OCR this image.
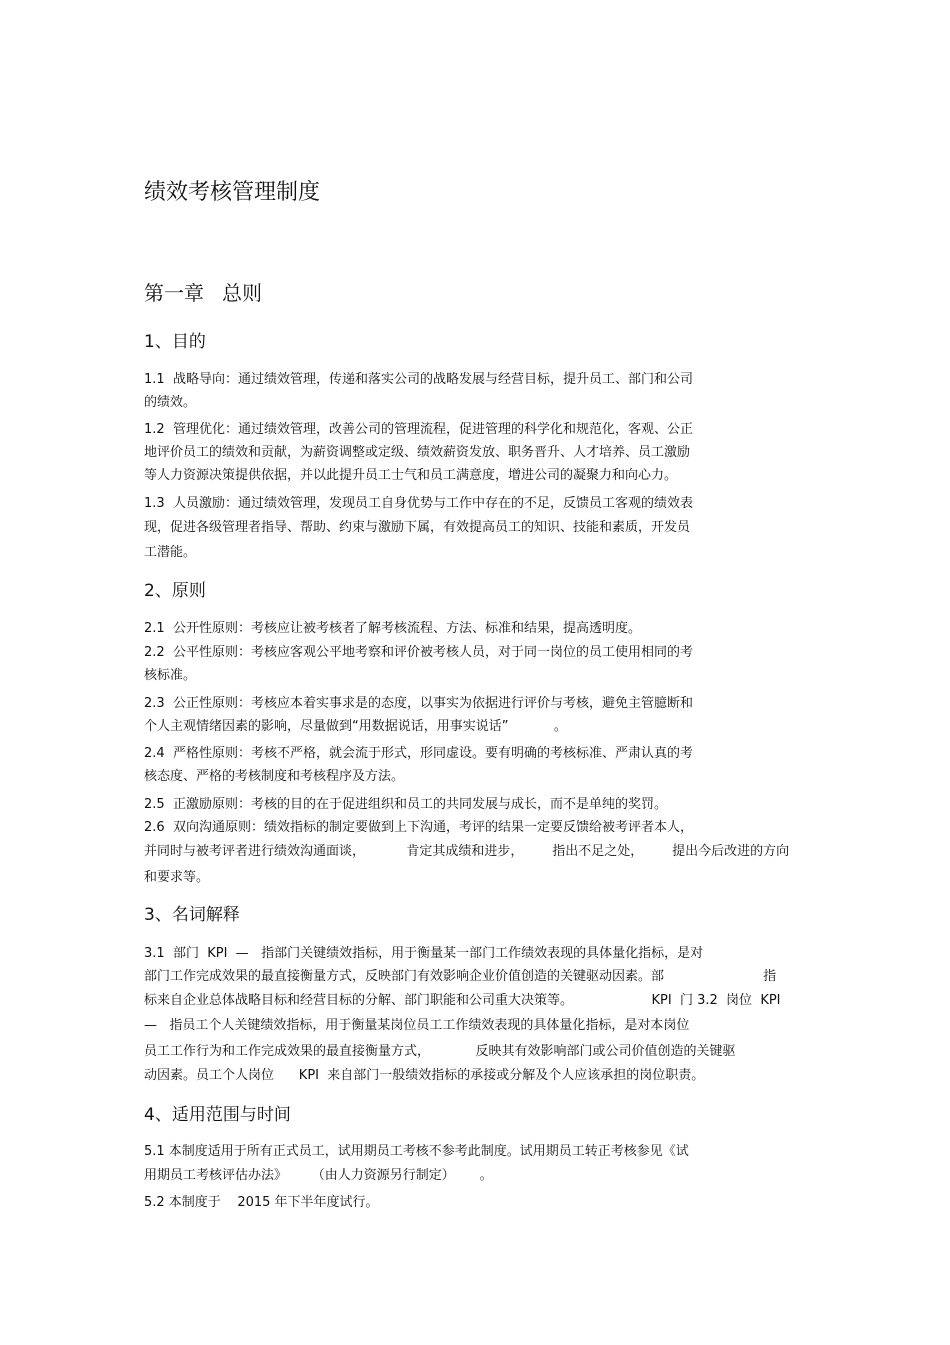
绩效考核管理制度
第一章 总则
1、目的

1.1  战略导向：通过绩效管理，传递和落实公司的战略发展与经营目标，提升员工、部门和公司

的绩效。

1.2  管理优化：通过绩效管理，改善公司的管理流程，促进管理的科学化和规范化，客观、公正

地评价员工的绩效和贡献，为薪资调整或定级、绩效薪资发放、职务晋升、人才培养、员工激励

等人力资源决策提供依据，并以此提升员工士气和员工满意度，增进公司的凝聚力和向心力。

1.3  人员激励：通过绩效管理，发现员工自身优势与工作中存在的不足，反馈员工客观的绩效表

现，促进各级管理者指导、帮助、约束与激励下属，有效提高员工的知识、技能和素质，开发员

工潜能。

2、原则

2.1  公开性原则：考核应让被考核者了解考核流程、方法、标准和结果，提高透明度。

2.2  公平性原则：考核应客观公平地考察和评价被考核人员，对于同一岗位的员工使用相同的考

核标准。

2.3  公正性原则：考核应本着实事求是的态度，以事实为依据进行评价与考核，避免主管臆断和

个人主观情绪因素的影响，尽量做到“用数据说话，用事实说话”           。

2.4  严格性原则：考核不严格，就会流于形式，形同虚设。要有明确的考核标准、严肃认真的考

核态度、严格的考核制度和考核程序及方法。

2.5  正激励原则：考核的目的在于促进组织和员工的共同发展与成长，而不是单纯的奖罚。

2.6  双向沟通原则：绩效指标的制定要做到上下沟通，考评的结果一定要反馈给被考评者本人，

并同时与被考评者进行绩效沟通面谈，          肯定其成绩和进步，       指出不足之处，       提出今后改进的方向

和要求等。

3、名词解释

3.1  部门  KPI  —   指部门关键绩效指标，用于衡量某一部门工作绩效表现的具体量化指标，是对

部门工作完成效果的最直接衡量方式，反映部门有效影响企业价值创造的关键驱动因素。部                        指

标来自企业总体战略目标和经营目标的分解、部门职能和公司重大决策等。                   KPI  门 3.2  岗位  KPI

—   指员工个人关键绩效指标，用于衡量某岗位员工工作绩效表现的具体量化指标，是对本岗位

员工工作行为和工作完成效果的最直接衡量方式，           反映其有效影响部门或公司价值创造的关键驱

动因素。员工个人岗位      KPI  来自部门一般绩效指标的承接或分解及个人应该承担的岗位职责。

4、适用范围与时间

5.1 本制度适用于所有正式员工，试用期员工考核不参考此制度。试用期员工转正考核参见《试

用期员工考核评估办法》      （由人力资源另行制定）      。

5.2 本制度于    2015 年下半年度试行。
